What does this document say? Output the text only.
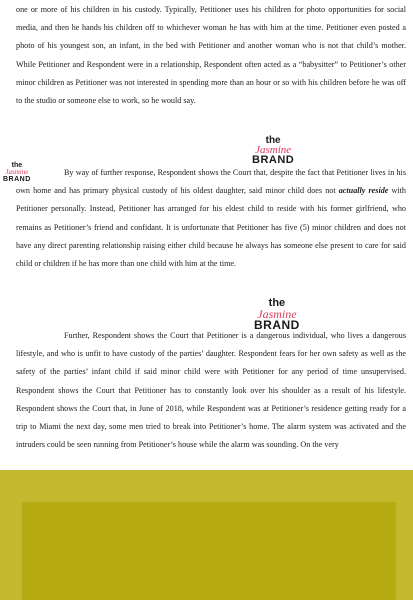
one or more of his children in his custody. Typically, Petitioner uses his children for photo opportunities for social media, and then he hands his children off to whichever woman he has with him at the time. Petitioner even posted a photo of his youngest son, an infant, in the bed with Petitioner and another woman who is not that child’s mother. While Petitioner and Respondent were in a relationship, Respondent often acted as a “babysitter” to Petitioner’s other minor children as Petitioner was not interested in spending more than an hour or so with his children before he was off to the studio or someone else to work, so he would say.

By way of further response, Respondent shows the Court that, despite the fact that Petitioner lives in his own home and has primary physical custody of his oldest daughter, said minor child does not actually reside with Petitioner personally. Instead, Petitioner has arranged for his eldest child to reside with his former girlfriend, who remains as Petitioner’s friend and confidant. It is unfortunate that Petitioner has five (5) minor children and does not have any direct parenting relationship raising either child because he always has someone else present to care for said child or children if he has more than one child with him at the time.

Further, Respondent shows the Court that Petitioner is a dangerous individual, who lives a dangerous lifestyle, and who is unfit to have custody of the parties’ daughter. Respondent fears for her own safety as well as the safety of the parties’ infant child if said minor child were with Petitioner for any period of time unsupervised. Respondent shows the Court that Petitioner has to constantly look over his shoulder as a result of his lifestyle. Respondent shows the Court that, in June of 2018, while Respondent was at Petitioner’s residence getting ready for a trip to Miami the next day, some men tried to break into Petitioner’s home. The alarm system was activated and the intruders could be seen running from Petitioner’s house while the alarm was sounding. On the very

the
Jasmine
BRAND
the
Jasmine
BRAND
the
Jasmine
BRAND
